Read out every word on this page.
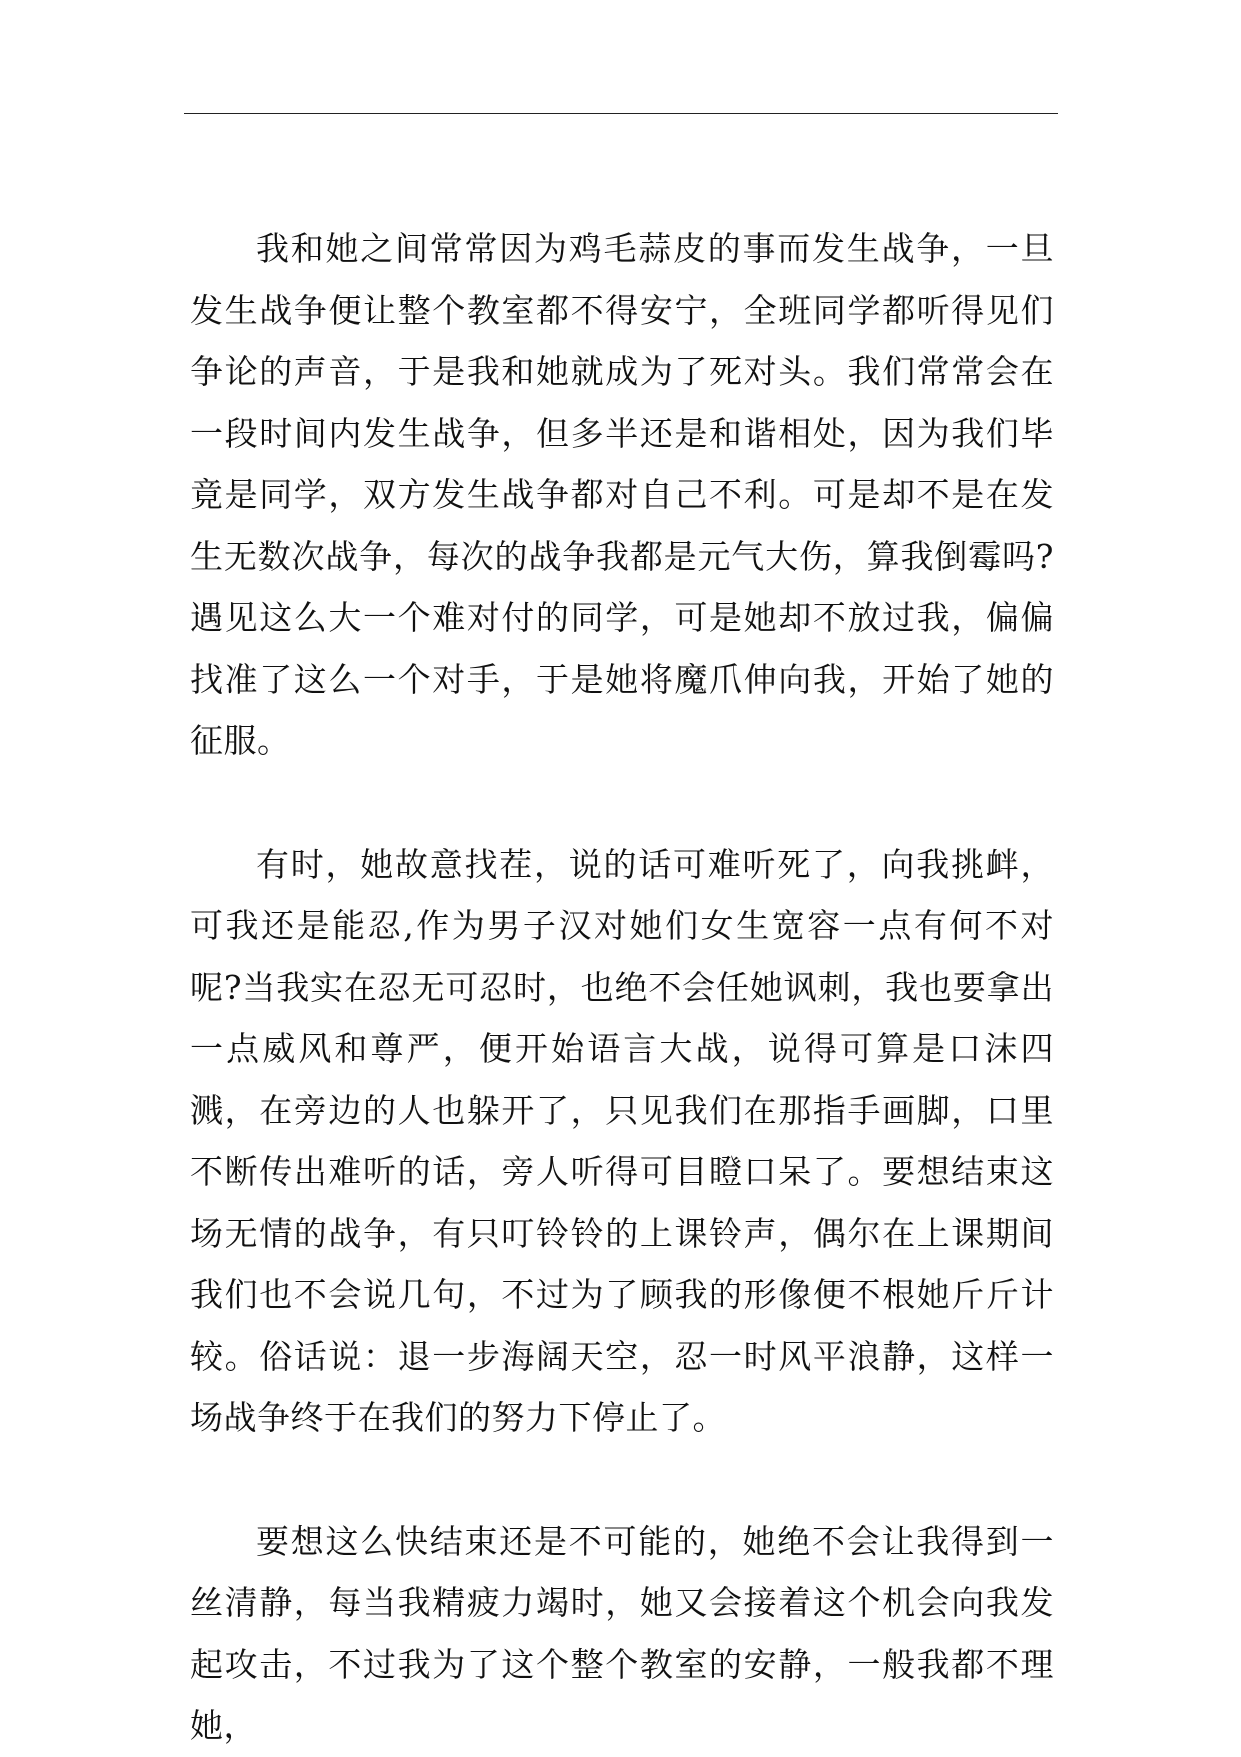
我和她之间常常因为鸡毛蒜皮的事而发生战争，一旦发生战争便让整个教室都不得安宁，全班同学都听得见们争论的声音，于是我和她就成为了死对头。我们常常会在一段时间内发生战争，但多半还是和谐相处，因为我们毕竟是同学，双方发生战争都对自己不利。可是却不是在发生无数次战争，每次的战争我都是元气大伤，算我倒霉吗?遇见这么大一个难对付的同学，可是她却不放过我，偏偏找准了这么一个对手，于是她将魔爪伸向我，开始了她的征服。

有时，她故意找茬，说的话可难听死了，向我挑衅，可我还是能忍,作为男子汉对她们女生宽容一点有何不对呢?当我实在忍无可忍时，也绝不会任她讽刺，我也要拿出一点威风和尊严，便开始语言大战，说得可算是口沫四溅，在旁边的人也躲开了，只见我们在那指手画脚，口里不断传出难听的话，旁人听得可目瞪口呆了。要想结束这场无情的战争，有只叮铃铃的上课铃声，偶尔在上课期间我们也不会说几句，不过为了顾我的形像便不根她斤斤计较。俗话说：退一步海阔天空，忍一时风平浪静，这样一场战争终于在我们的努力下停止了。

要想这么快结束还是不可能的，她绝不会让我得到一丝清静，每当我精疲力竭时，她又会接着这个机会向我发起攻击，不过我为了这个整个教室的安静，一般我都不理她，
